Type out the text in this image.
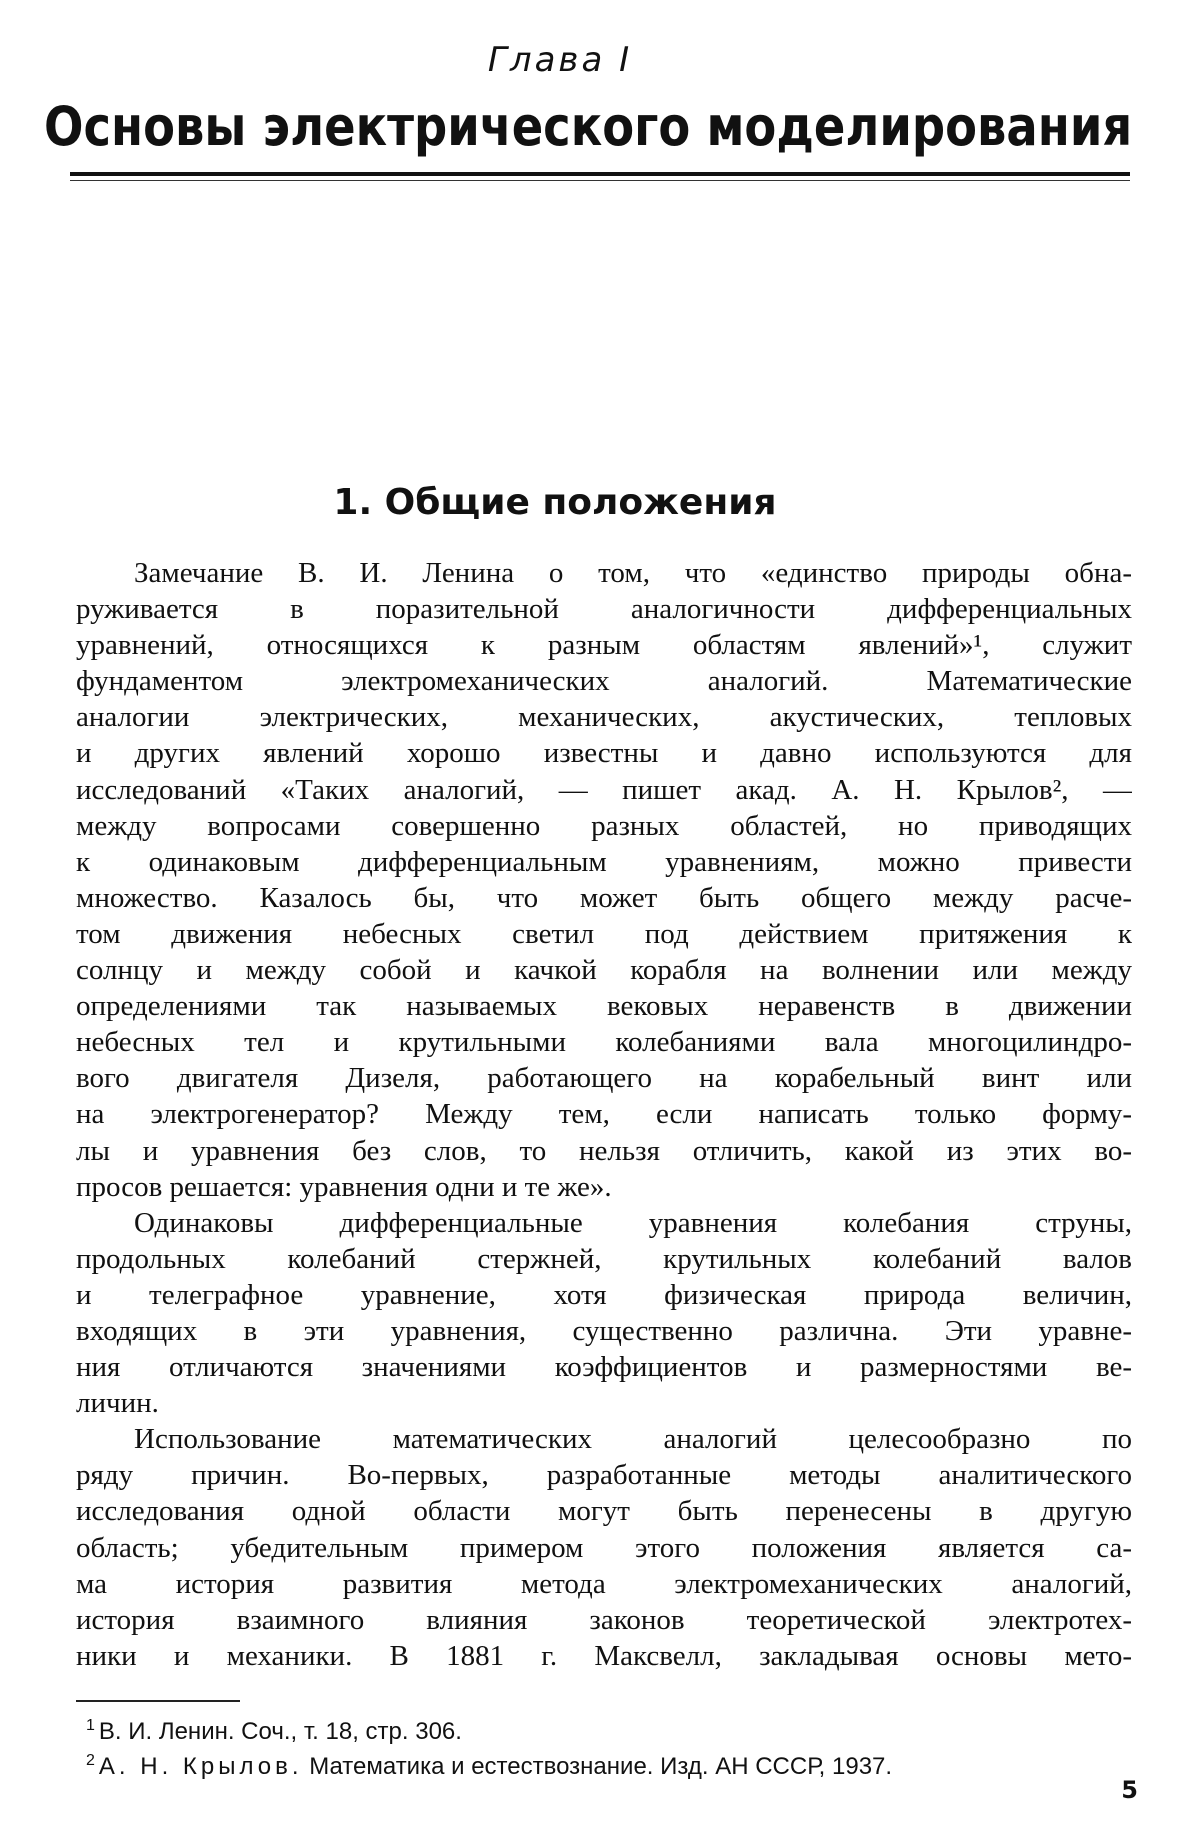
Глава I
Основы электрического моделирования
1. Общие положения
Замечание В. И. Ленина о том, что «единство природы обна-
руживается в поразительной аналогичности дифференциальных
уравнений, относящихся к разным областям явлений»¹, служит
фундаментом электромеханических аналогий. Математические
аналогии электрических, механических, акустических, тепловых
и других явлений хорошо известны и давно используются для
исследований «Таких аналогий, — пишет акад. А. Н. Крылов², —
между вопросами совершенно разных областей, но приводящих
к одинаковым дифференциальным уравнениям, можно привести
множество. Казалось бы, что может быть общего между расче-
том движения небесных светил под действием притяжения к
солнцу и между собой и качкой корабля на волнении или между
определениями так называемых вековых неравенств в движении
небесных тел и крутильными колебаниями вала многоцилиндро-
вого двигателя Дизеля, работающего на корабельный винт или
на электрогенератор? Между тем, если написать только форму-
лы и уравнения без слов, то нельзя отличить, какой из этих во-
просов решается: уравнения одни и те же».
Одинаковы дифференциальные уравнения колебания струны,
продольных колебаний стержней, крутильных колебаний валов
и телеграфное уравнение, хотя физическая природа величин,
входящих в эти уравнения, существенно различна. Эти уравне-
ния отличаются значениями коэффициентов и размерностями ве-
личин.
Использование математических аналогий целесообразно по
ряду причин. Во-первых, разработанные методы аналитического
исследования одной области могут быть перенесены в другую
область; убедительным примером этого положения является са-
ма история развития метода электромеханических аналогий,
история взаимного влияния законов теоретической электротех-
ники и механики. В 1881 г. Максвелл, закладывая основы мето-
$^1$ В. И. Ленин. Соч., т. 18, стр. 306.
$^2$ А. Н. Крылов. Математика и естествознание. Изд. АН СССР, 1937.
5
